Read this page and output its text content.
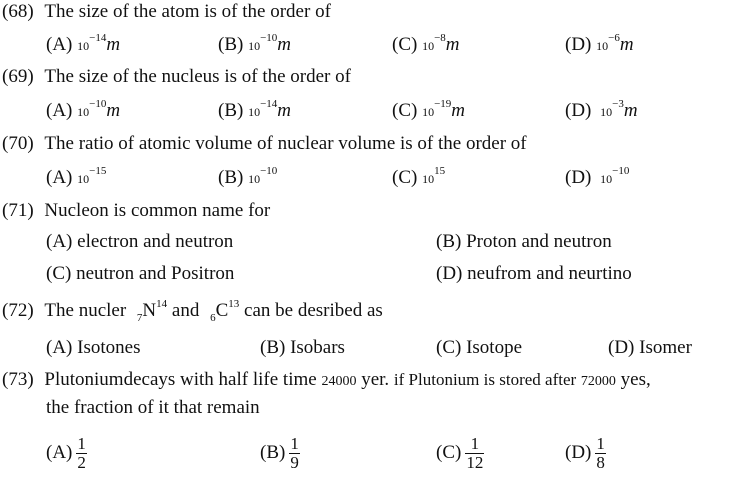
(68) The size of the atom is of the order of
(A) $10^{-14}m$	(B) $10^{-10}m$	(C) $10^{-8}m$	(D) $10^{-6}m$
(69) The size of the nucleus is of the order of
(A) $10^{-10}m$	(B) $10^{-14}m$	(C) $10^{-19}m$	(D) $10^{-3}m$
(70) The ratio of atomic volume of nuclear volume is of the order of
(A) $10^{-15}$	(B) $10^{-10}$	(C) $10^{15}$	(D) $10^{-10}$
(71) Nucleon is common name for
(A) electron and neutron	(B) Proton and neutron
(C) neutron and Positron	(D) neufrom and neurtino
(72) The nucler $_7N^{14}$ and $_6C^{13}$ can be desribed as
(A) Isotones	(B) Isobars	(C) Isotope	(D) Isomer
(73) Plutoniumdecays with half life time 24000 yer. if Plutonium is stored after 72000 yes,
the fraction of it that remain
$(A) \frac{1}{2}$	$(B) \frac{1}{9}$	$(C) \frac{1}{12}$	$(D) \frac{1}{8}$
